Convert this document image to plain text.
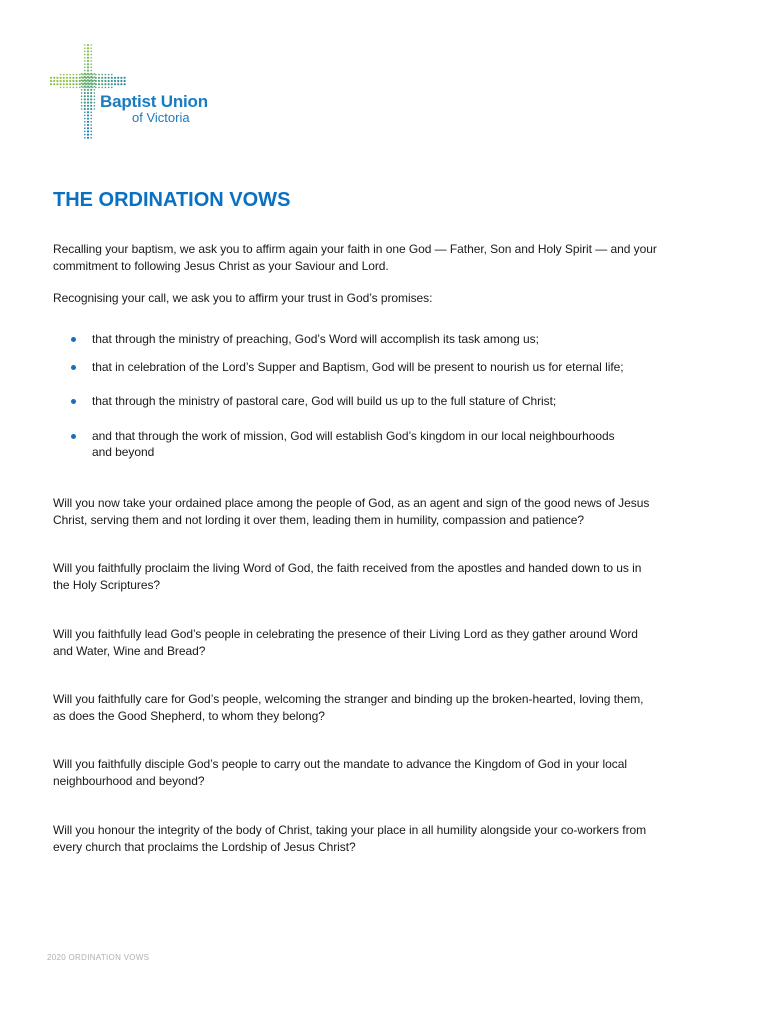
Baptist Union
of Victoria
THE ORDINATION VOWS
Recalling your baptism, we ask you to affirm again your faith in one God — Father, Son and Holy Spirit — and your
commitment to following Jesus Christ as your Saviour and Lord.
Recognising your call, we ask you to affirm your trust in God’s promises:
that through the ministry of preaching, God’s Word will accomplish its task among us;
that in celebration of the Lord’s Supper and Baptism, God will be present to nourish us for eternal life;
that through the ministry of pastoral care, God will build us up to the full stature of Christ;
and that through the work of mission, God will establish God’s kingdom in our local neighbourhoods
and beyond
Will you now take your ordained place among the people of God, as an agent and sign of the good news of Jesus
Christ, serving them and not lording it over them, leading them in humility, compassion and patience?
Will you faithfully proclaim the living Word of God, the faith received from the apostles and handed down to us in
the Holy Scriptures?
Will you faithfully lead God’s people in celebrating the presence of their Living Lord as they gather around Word
and Water, Wine and Bread?
Will you faithfully care for God’s people, welcoming the stranger and binding up the broken-hearted, loving them,
as does the Good Shepherd, to whom they belong?
Will you faithfully disciple God’s people to carry out the mandate to advance the Kingdom of God in your local
neighbourhood and beyond?
Will you honour the integrity of the body of Christ, taking your place in all humility alongside your co-workers from
every church that proclaims the Lordship of Jesus Christ?
2020 ORDINATION VOWS
